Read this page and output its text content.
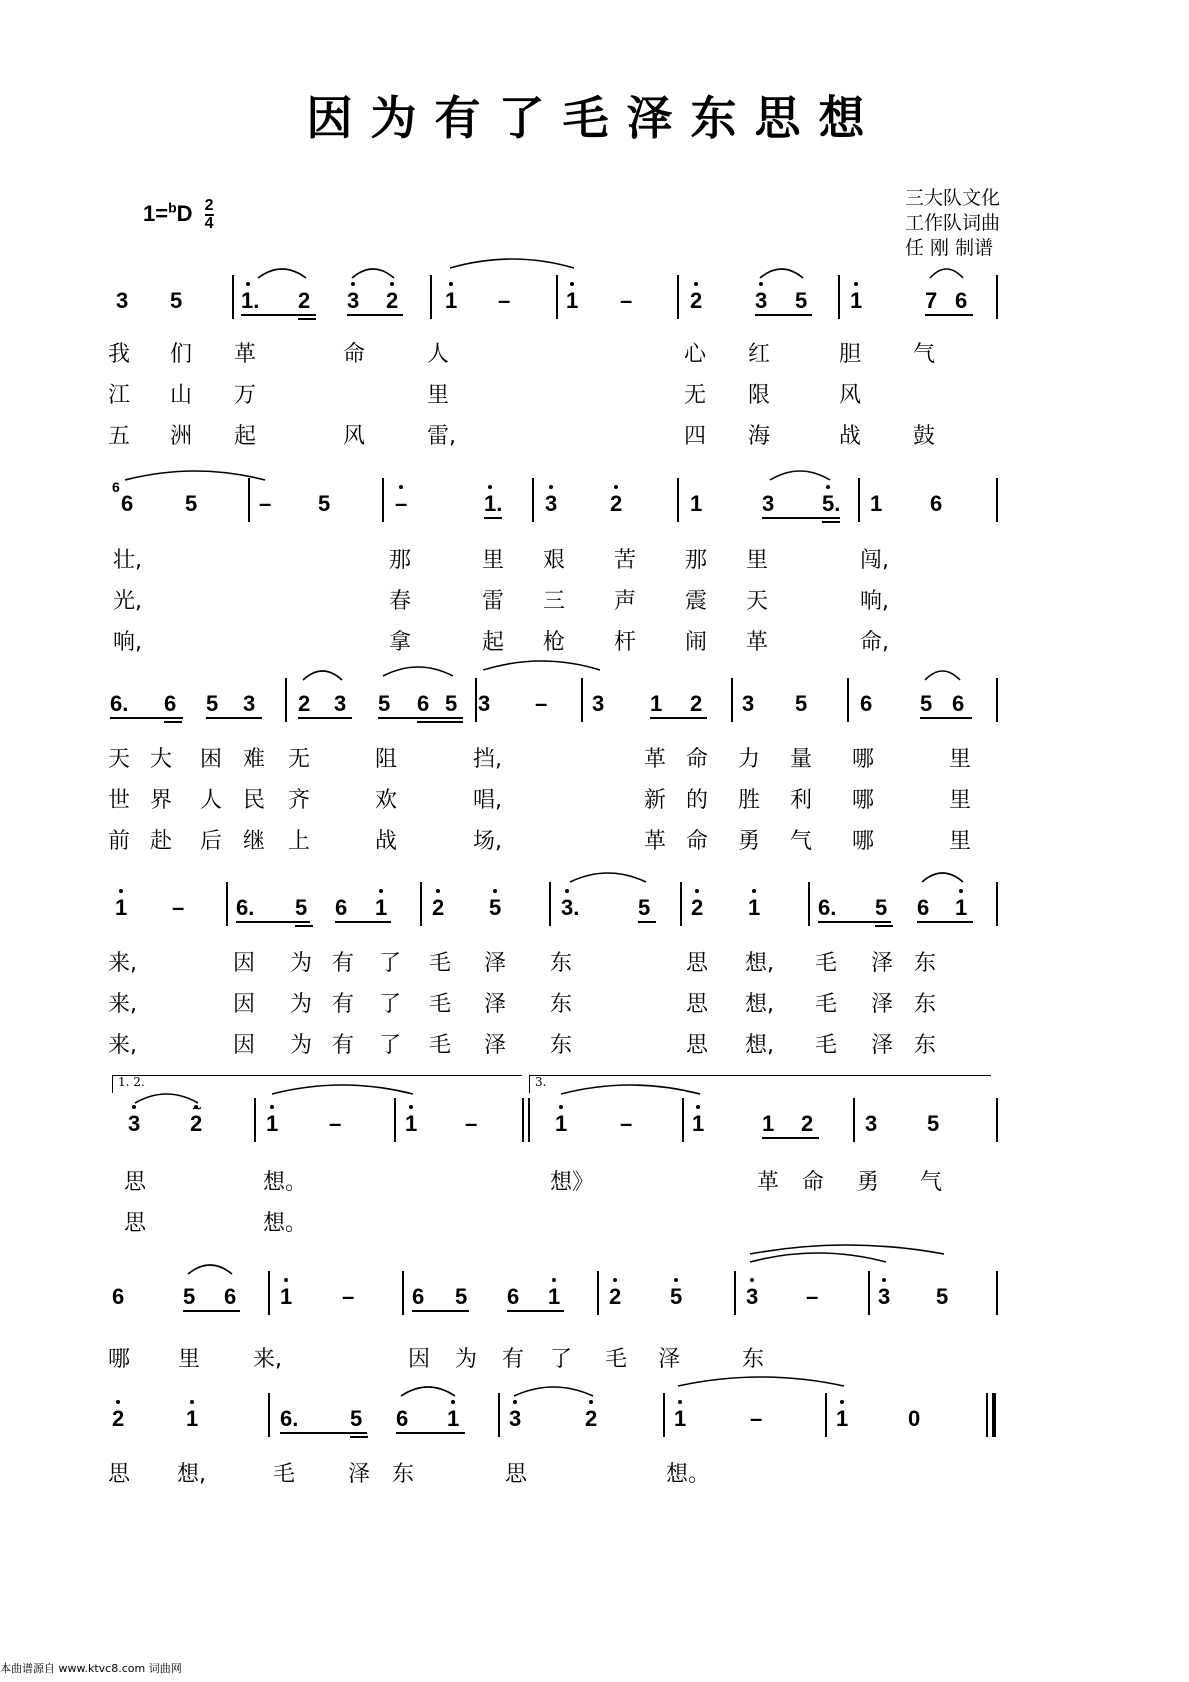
因为有了毛泽东思想
$1=^bD \frac{2}{4}$	三大队文化
工作队词曲
任 刚 制谱
3 5	1. 2 3 2 1 –	1 –	2 3 5 1	7 6
我 们 革	命	人	心 红	胆 气
江 山 万	里	无 限	风
五 洲 起	风	雷,	四 海	战 鼓
6
6 5	– 5	–	1. 3 2	1	3 5. 1 6
壮,	那	里 艰 苦 那 里	闯,
光,	春	雷 三 声 震 天	响,
响,	拿	起 枪 杆 闹 革	命,
6. 6 5 3 2 3 5 6 5 3 – 3 1 2 3 5 6 5 6
天 大 困 难 无	阻	挡,	革 命 力 量 哪	里
世 界 人 民 齐	欢	唱,	新 的 胜 利 哪	里
前 赴 后 继 上	战	场,	革 命 勇 气 哪	里
1 – 6. 5 6 1 2 5	3.	5 2 1	6. 5 6 1
来,	因 为 有 了 毛 泽 东	思 想, 毛 泽 东
来,	因 为 有 了 毛 泽 东	思 想, 毛 泽 东
来,	因 为 有 了 毛 泽 东	思 想, 毛 泽 东
3 2
∼
1 –	1 –	1 –	1	1 2 3 5
思	想。	想》	革 命 勇 气
思	想。
6	5 6 1 –	6 5 6 1 2 5	3 –	3 5
哪 里 来,	因 为 有 了 毛 泽	东
2	1	6. 5 6 1 3	2	1	–	1	0
思 想,	毛 泽 东	思	想。
1. 2.	3.
本曲谱源自 www.ktvc8.com 词曲网
